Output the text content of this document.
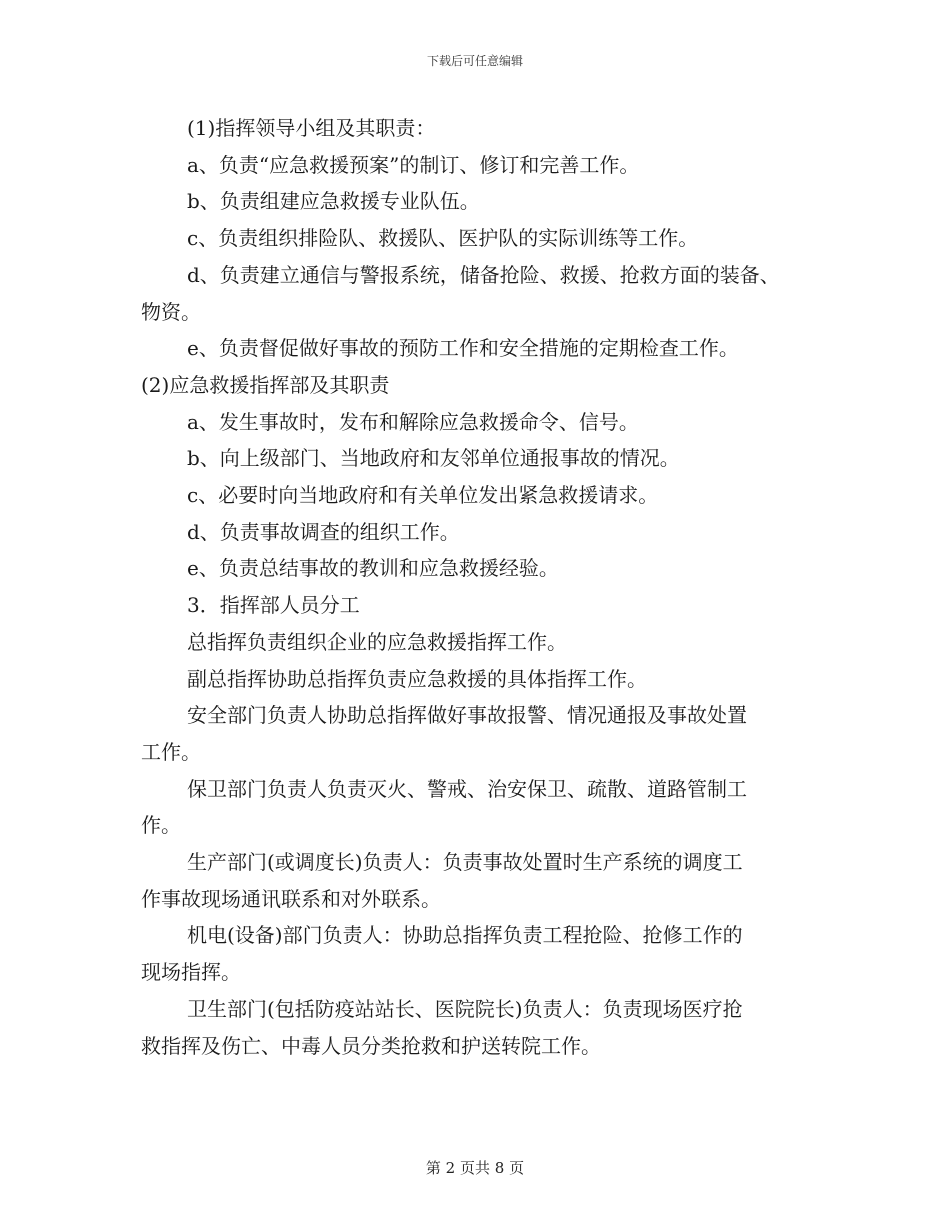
下载后可任意编辑

(1)指挥领导小组及其职责：

a、负责“应急救援预案”的制订、修订和完善工作。

b、负责组建应急救援专业队伍。

c、负责组织排险队、救援队、医护队的实际训练等工作。

d、负责建立通信与警报系统，储备抢险、救援、抢救方面的装备、

物资。

e、负责督促做好事故的预防工作和安全措施的定期检查工作。

(2)应急救援指挥部及其职责

a、发生事故时，发布和解除应急救援命令、信号。

b、向上级部门、当地政府和友邻单位通报事故的情况。

c、必要时向当地政府和有关单位发出紧急救援请求。

d、负责事故调查的组织工作。

e、负责总结事故的教训和应急救援经验。

3．指挥部人员分工

总指挥负责组织企业的应急救援指挥工作。

副总指挥协助总指挥负责应急救援的具体指挥工作。

安全部门负责人协助总指挥做好事故报警、情况通报及事故处置

工作。

保卫部门负责人负责灭火、警戒、治安保卫、疏散、道路管制工

作。

生产部门(或调度长)负责人：负责事故处置时生产系统的调度工

作事故现场通讯联系和对外联系。

机电(设备)部门负责人：协助总指挥负责工程抢险、抢修工作的

现场指挥。

卫生部门(包括防疫站站长、医院院长)负责人：负责现场医疗抢

救指挥及伤亡、中毒人员分类抢救和护送转院工作。

第 2 页共 8 页
